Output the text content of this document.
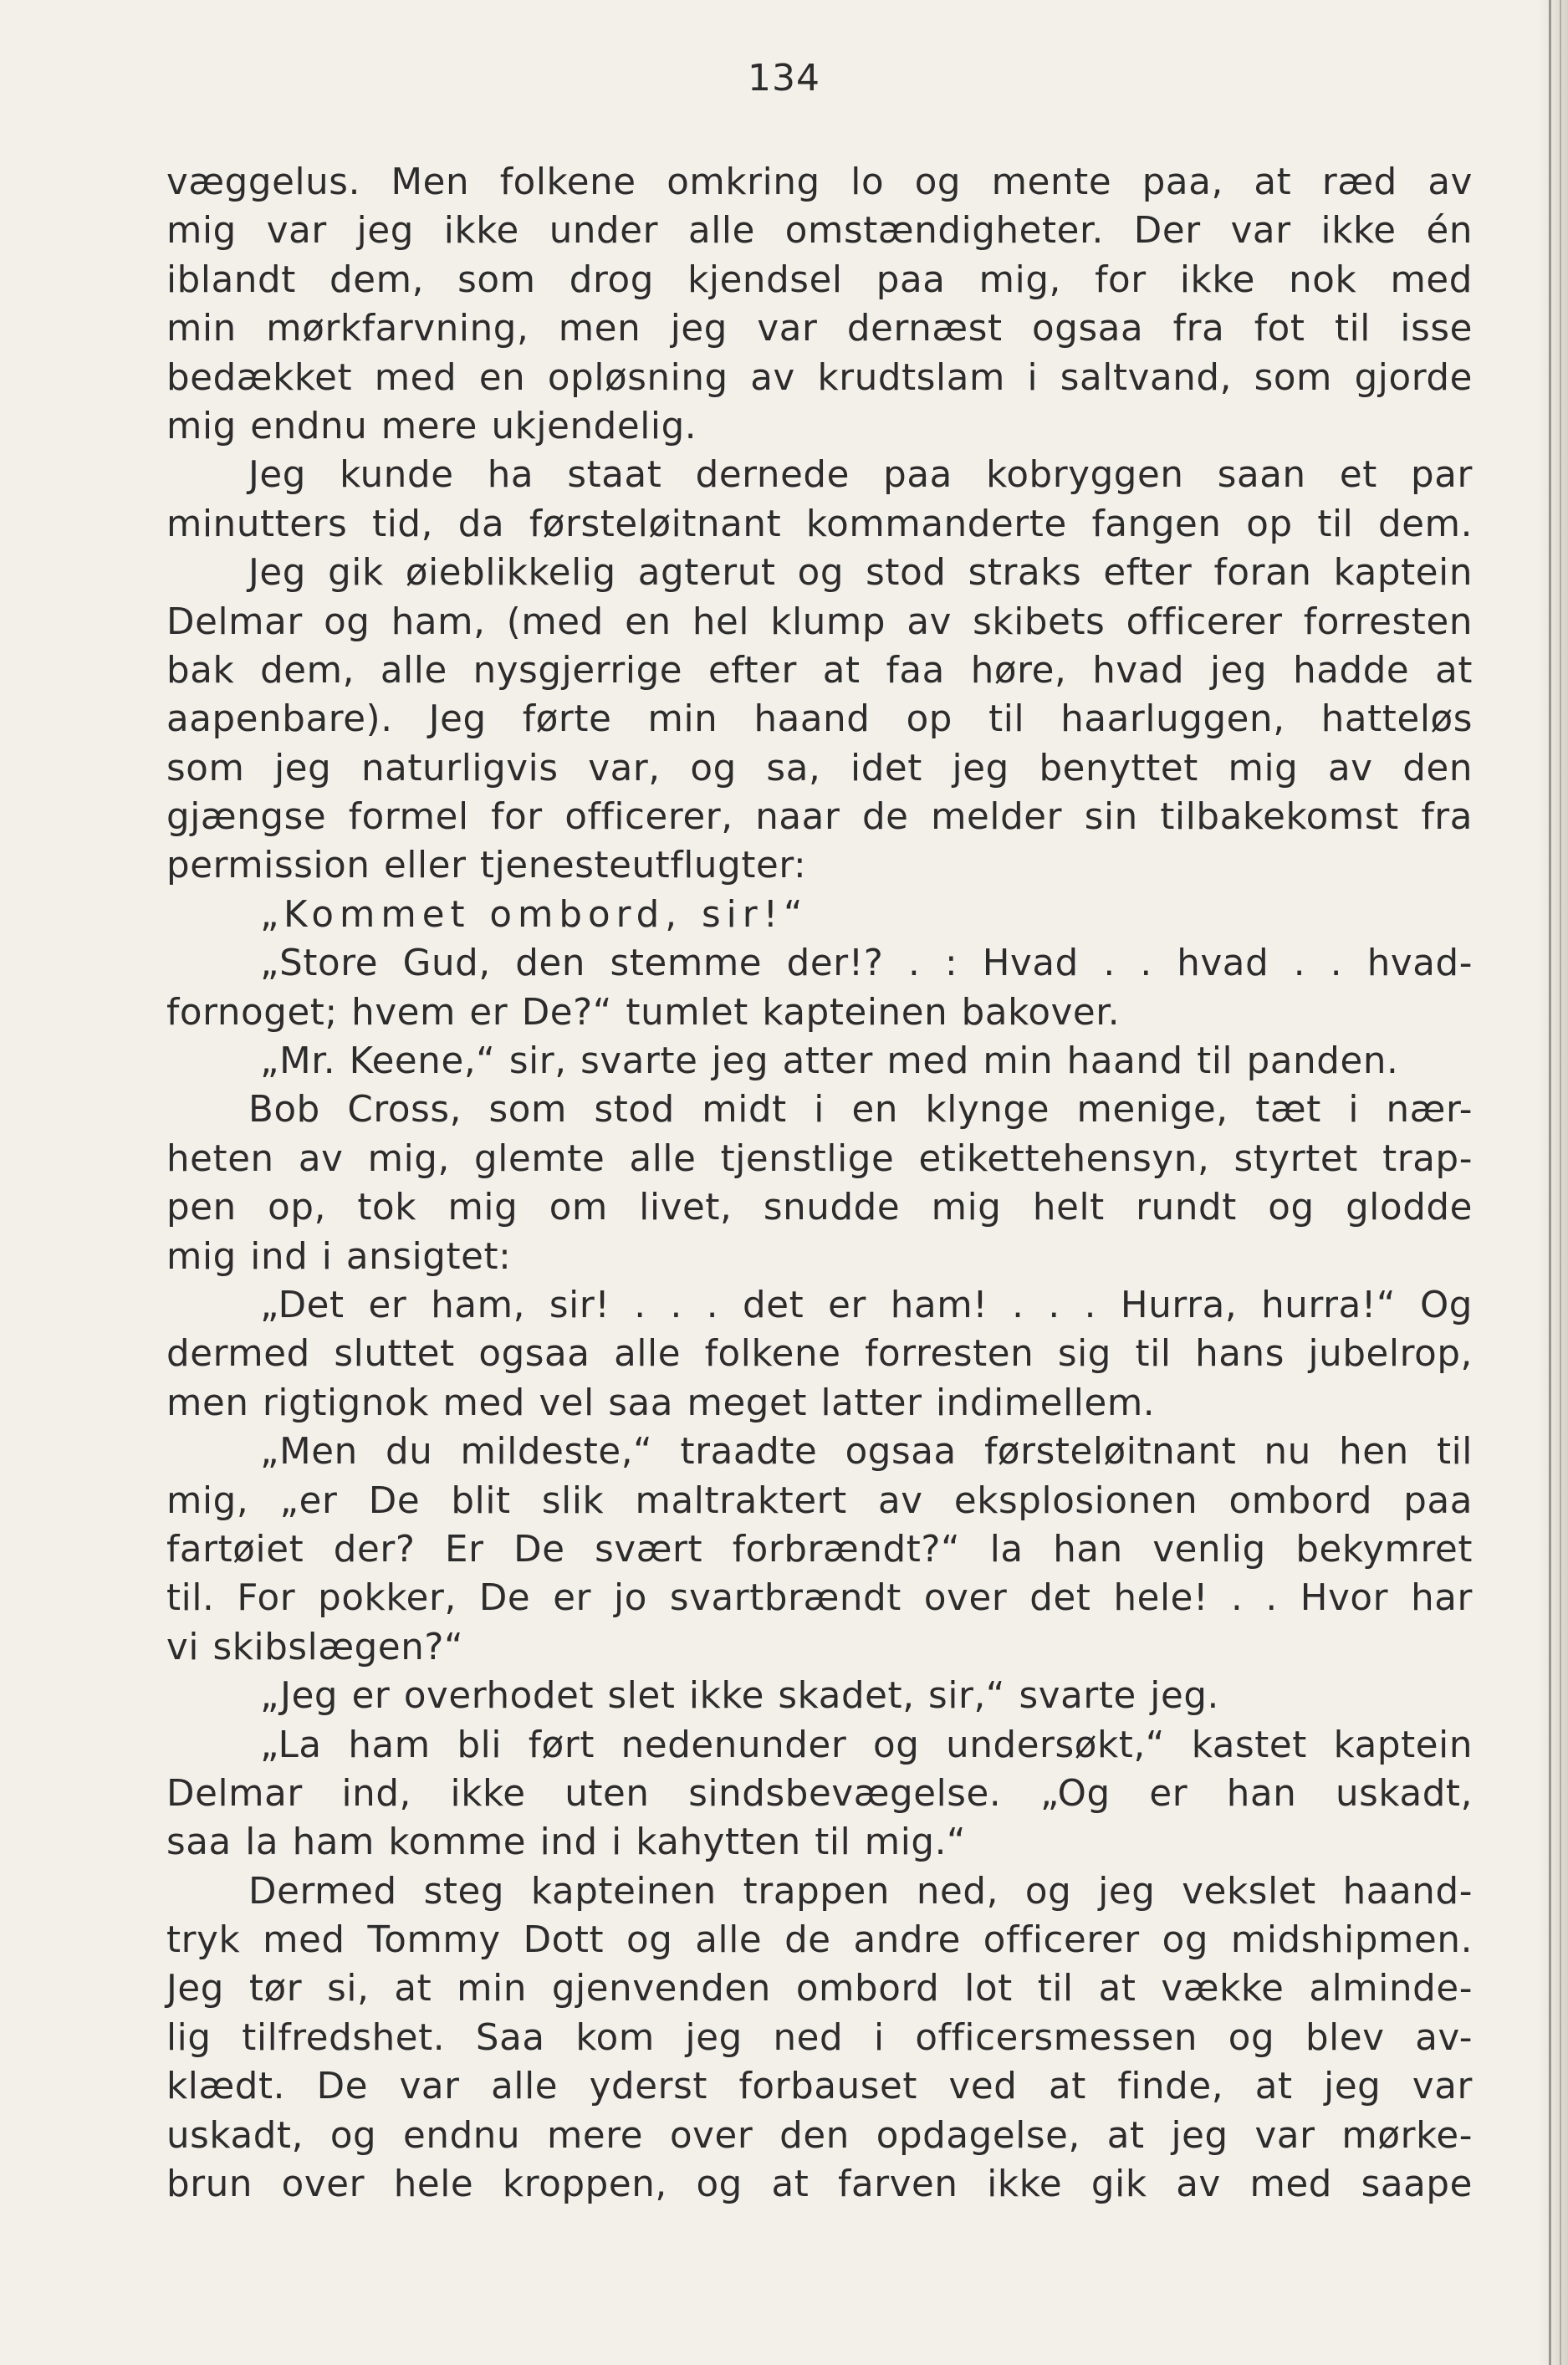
134
væggelus. Men folkene omkring lo og mente paa, at ræd av
mig var jeg ikke under alle omstændigheter. Der var ikke én
iblandt dem, som drog kjendsel paa mig, for ikke nok med
min mørkfarvning, men jeg var dernæst ogsaa fra fot til isse
bedækket med en opløsning av krudtslam i saltvand, som gjorde
mig endnu mere ukjendelig.
Jeg kunde ha staat dernede paa kobryggen saan et par
minutters tid, da førsteløitnant kommanderte fangen op til dem.
Jeg gik øieblikkelig agterut og stod straks efter foran kaptein
Delmar og ham, (med en hel klump av skibets officerer forresten
bak dem, alle nysgjerrige efter at faa høre, hvad jeg hadde at
aapenbare). Jeg førte min haand op til haarluggen, hatteløs
som jeg naturligvis var, og sa, idet jeg benyttet mig av den
gjængse formel for officerer, naar de melder sin tilbakekomst fra
permission eller tjenesteutflugter:
„Kommet ombord, sir!“
„Store Gud, den stemme der!? . : Hvad . . hvad . . hvad-
fornoget; hvem er De?“ tumlet kapteinen bakover.
„Mr. Keene,“ sir, svarte jeg atter med min haand til panden.
Bob Cross, som stod midt i en klynge menige, tæt i nær-
heten av mig, glemte alle tjenstlige etikettehensyn, styrtet trap-
pen op, tok mig om livet, snudde mig helt rundt og glodde
mig ind i ansigtet:
„Det er ham, sir! . . . det er ham! . . . Hurra, hurra!“ Og
dermed sluttet ogsaa alle folkene forresten sig til hans jubelrop,
men rigtignok med vel saa meget latter indimellem.
„Men du mildeste,“ traadte ogsaa førsteløitnant nu hen til
mig, „er De blit slik maltraktert av eksplosionen ombord paa
fartøiet der? Er De svært forbrændt?“ la han venlig bekymret
til. For pokker, De er jo svartbrændt over det hele! . . Hvor har
vi skibslægen?“
„Jeg er overhodet slet ikke skadet, sir,“ svarte jeg.
„La ham bli ført nedenunder og undersøkt,“ kastet kaptein
Delmar ind, ikke uten sindsbevægelse. „Og er han uskadt,
saa la ham komme ind i kahytten til mig.“
Dermed steg kapteinen trappen ned, og jeg vekslet haand-
tryk med Tommy Dott og alle de andre officerer og midshipmen.
Jeg tør si, at min gjenvenden ombord lot til at vække alminde-
lig tilfredshet. Saa kom jeg ned i officersmessen og blev av-
klædt. De var alle yderst forbauset ved at finde, at jeg var
uskadt, og endnu mere over den opdagelse, at jeg var mørke-
brun over hele kroppen, og at farven ikke gik av med saape
